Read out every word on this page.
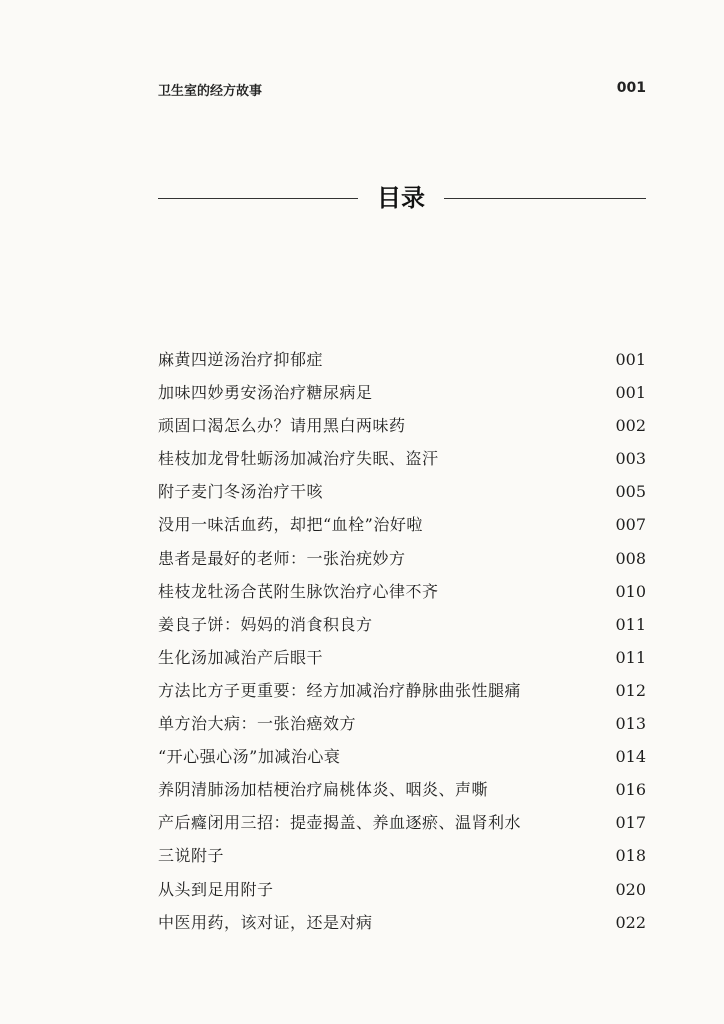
卫生室的经方故事	001
目录
麻黄四逆汤治疗抑郁症	001
加味四妙勇安汤治疗糖尿病足	001
顽固口渴怎么办？请用黑白两味药	002
桂枝加龙骨牡蛎汤加减治疗失眠、盗汗	003
附子麦门冬汤治疗干咳	005
没用一味活血药，却把“血栓”治好啦	007
患者是最好的老师：一张治疣妙方	008
桂枝龙牡汤合芪附生脉饮治疗心律不齐	010
姜良子饼：妈妈的消食积良方	011
生化汤加减治产后眼干	011
方法比方子更重要：经方加减治疗静脉曲张性腿痛	012
单方治大病：一张治癌效方	013
“开心强心汤”加减治心衰	014
养阴清肺汤加桔梗治疗扁桃体炎、咽炎、声嘶	016
产后癃闭用三招：提壶揭盖、养血逐瘀、温肾利水	017
三说附子	018
从头到足用附子	020
中医用药，该对证，还是对病	022
